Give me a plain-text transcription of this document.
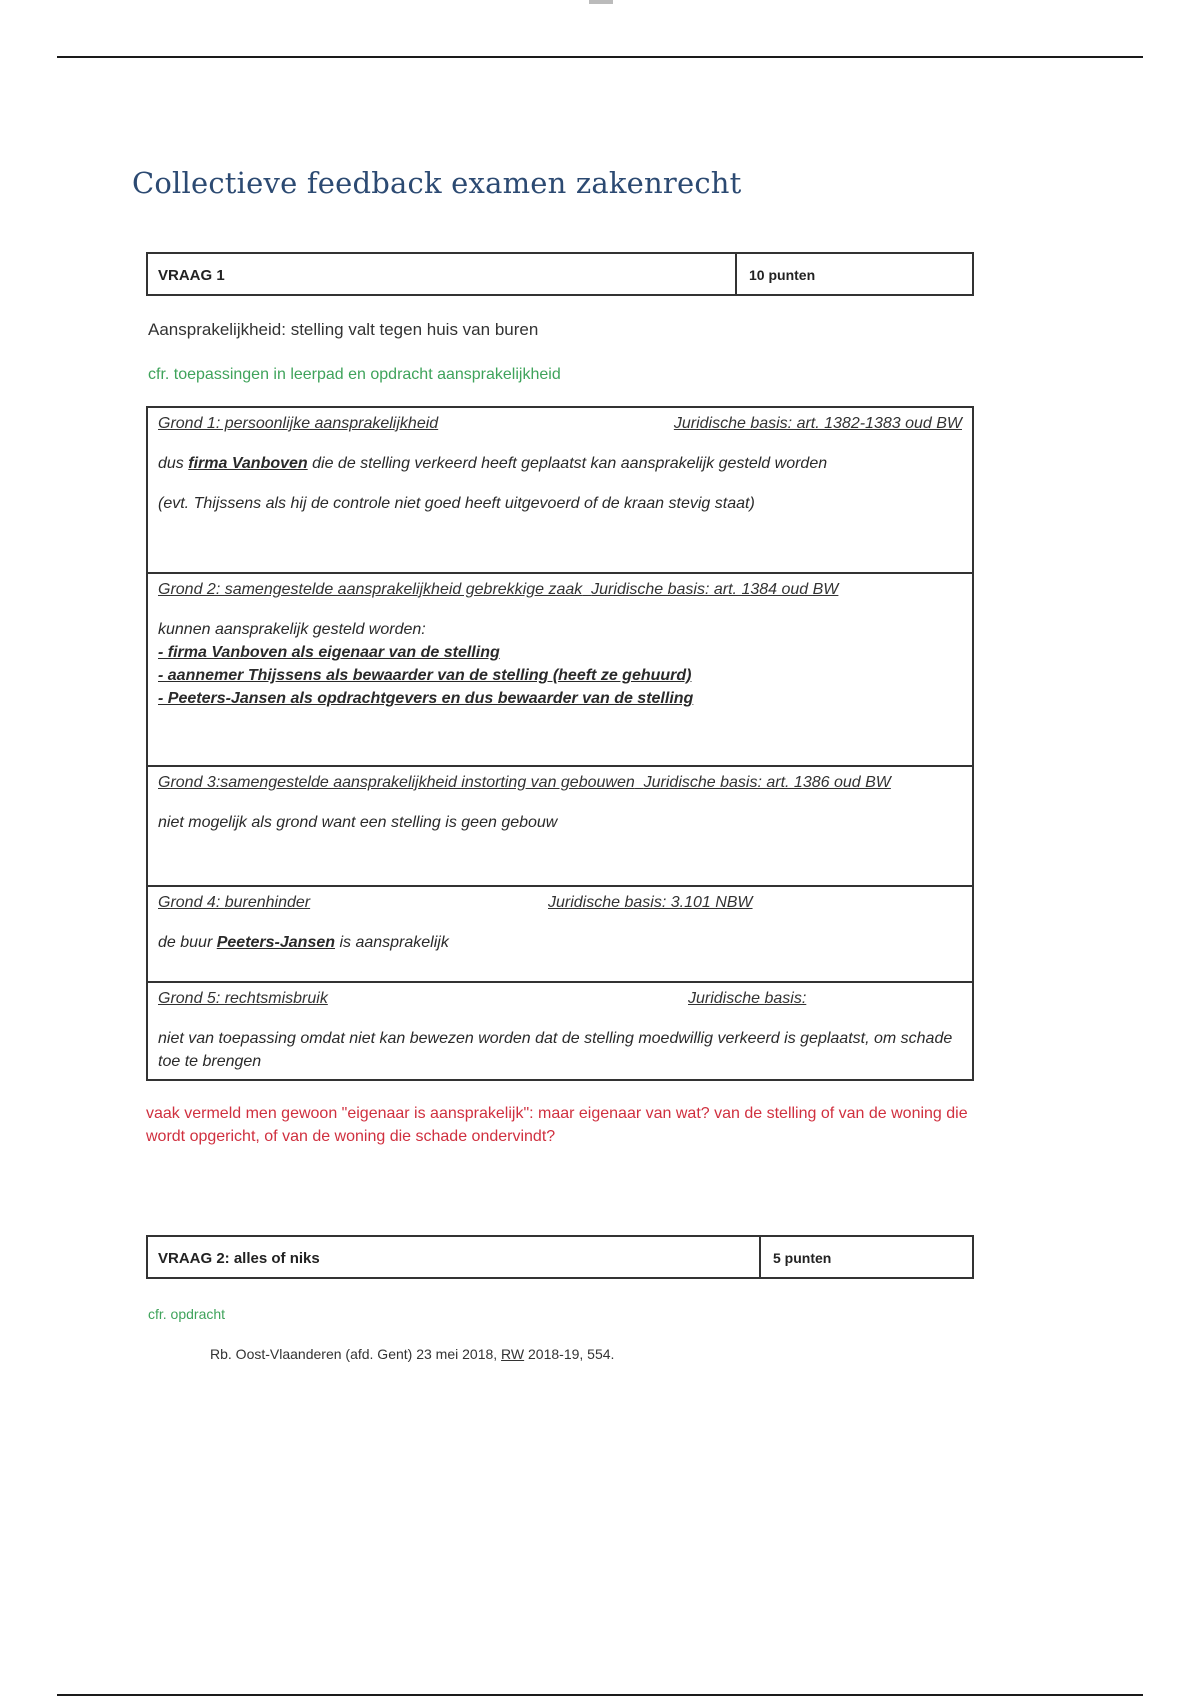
Collectieve feedback examen zakenrecht
VRAAG 1	10 punten
Aansprakelijkheid: stelling valt tegen huis van buren
cfr. toepassingen in leerpad en opdracht aansprakelijkheid
Grond 1: persoonlijke aansprakelijkheid	Juridische basis: art. 1382-1383 oud BW

dus firma Vanboven die de stelling verkeerd heeft geplaatst kan aansprakelijk gesteld worden

(evt. Thijssens als hij de controle niet goed heeft uitgevoerd of de kraan stevig staat)

Grond 2: samengestelde aansprakelijkheid gebrekkige zaak Juridische basis: art. 1384 oud BW

kunnen aansprakelijk gesteld worden:

- firma Vanboven als eigenaar van de stelling

- aannemer Thijssens als bewaarder van de stelling (heeft ze gehuurd)

- Peeters-Jansen als opdrachtgevers en dus bewaarder van de stelling

Grond 3:samengestelde aansprakelijkheid instorting van gebouwen Juridische basis: art. 1386 oud BW

niet mogelijk als grond want een stelling is geen gebouw

Grond 4: burenhinder	Juridische basis: 3.101 NBW

de buur Peeters-Jansen is aansprakelijk

Grond 5: rechtsmisbruik	Juridische basis:

niet van toepassing omdat niet kan bewezen worden dat de stelling moedwillig verkeerd is geplaatst, om schade toe te brengen

vaak vermeld men gewoon "eigenaar is aansprakelijk": maar eigenaar van wat? van de stelling of van de woning die wordt opgericht, of van de woning die schade ondervindt?
VRAAG 2: alles of niks	5 punten
cfr. opdracht
Rb. Oost-Vlaanderen (afd. Gent) 23 mei 2018, RW 2018-19, 554.
